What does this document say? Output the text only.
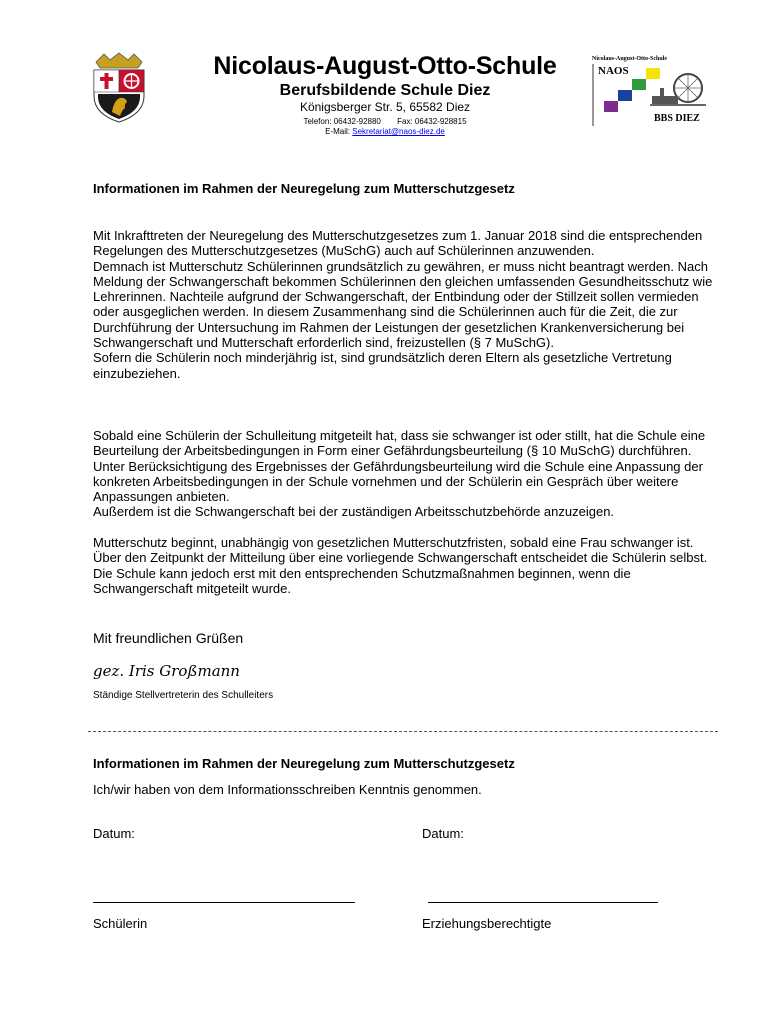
Nicolaus-August-Otto-Schule
Berufsbildende Schule Diez
Königsberger Str. 5, 65582 Diez
Telefon: 06432-92880 Fax: 06432-928815
E-Mail: Sekretariat@naos-diez.de
Nicolaus-August-Otto-Schule
NAOS
BBS DIEZ
Informationen im Rahmen der Neuregelung zum Mutterschutzgesetz

Mit Inkrafttreten der Neuregelung des Mutterschutzgesetzes zum 1. Januar 2018 sind die entsprechenden Regelungen des Mutterschutzgesetzes (MuSchG) auch auf Schülerinnen anzuwenden.

Demnach ist Mutterschutz Schülerinnen grundsätzlich zu gewähren, er muss nicht beantragt werden. Nach Meldung der Schwangerschaft bekommen Schülerinnen den gleichen umfassenden Gesundheitsschutz wie Lehrerinnen. Nachteile aufgrund der Schwangerschaft, der Entbindung oder der Stillzeit sollen vermieden oder ausgeglichen werden. In diesem Zusammenhang sind die Schülerinnen auch für die Zeit, die zur Durchführung der Untersuchung im Rahmen der Leistungen der gesetzlichen Krankenversicherung bei Schwangerschaft und Mutterschaft erforderlich sind, freizustellen (§ 7 MuSchG).

Sofern die Schülerin noch minderjährig ist, sind grundsätzlich deren Eltern als gesetzliche Vertretung einzubeziehen.

Sobald eine Schülerin der Schulleitung mitgeteilt hat, dass sie schwanger ist oder stillt, hat die Schule eine Beurteilung der Arbeitsbedingungen in Form einer Gefährdungsbeurteilung (§ 10 MuSchG) durchführen. Unter Berücksichtigung des Ergebnisses der Gefährdungsbeurteilung wird die Schule eine Anpassung der konkreten Arbeitsbedingungen in der Schule vornehmen und der Schülerin ein Gespräch über weitere Anpassungen anbieten.

Außerdem ist die Schwangerschaft bei der zuständigen Arbeitsschutzbehörde anzuzeigen.

Mutterschutz beginnt, unabhängig von gesetzlichen Mutterschutzfristen, sobald eine Frau schwanger ist. Über den Zeitpunkt der Mitteilung über eine vorliegende Schwangerschaft entscheidet die Schülerin selbst. Die Schule kann jedoch erst mit den entsprechenden Schutzmaßnahmen beginnen, wenn die Schwangerschaft mitgeteilt wurde.

Mit freundlichen Grüßen
gez. Iris Großmann
Ständige Stellvertreterin des Schulleiters
Informationen im Rahmen der Neuregelung zum Mutterschutzgesetz
Ich/wir haben von dem Informationsschreiben Kenntnis genommen.
Datum:	Datum:
Schülerin	Erziehungsberechtigte
